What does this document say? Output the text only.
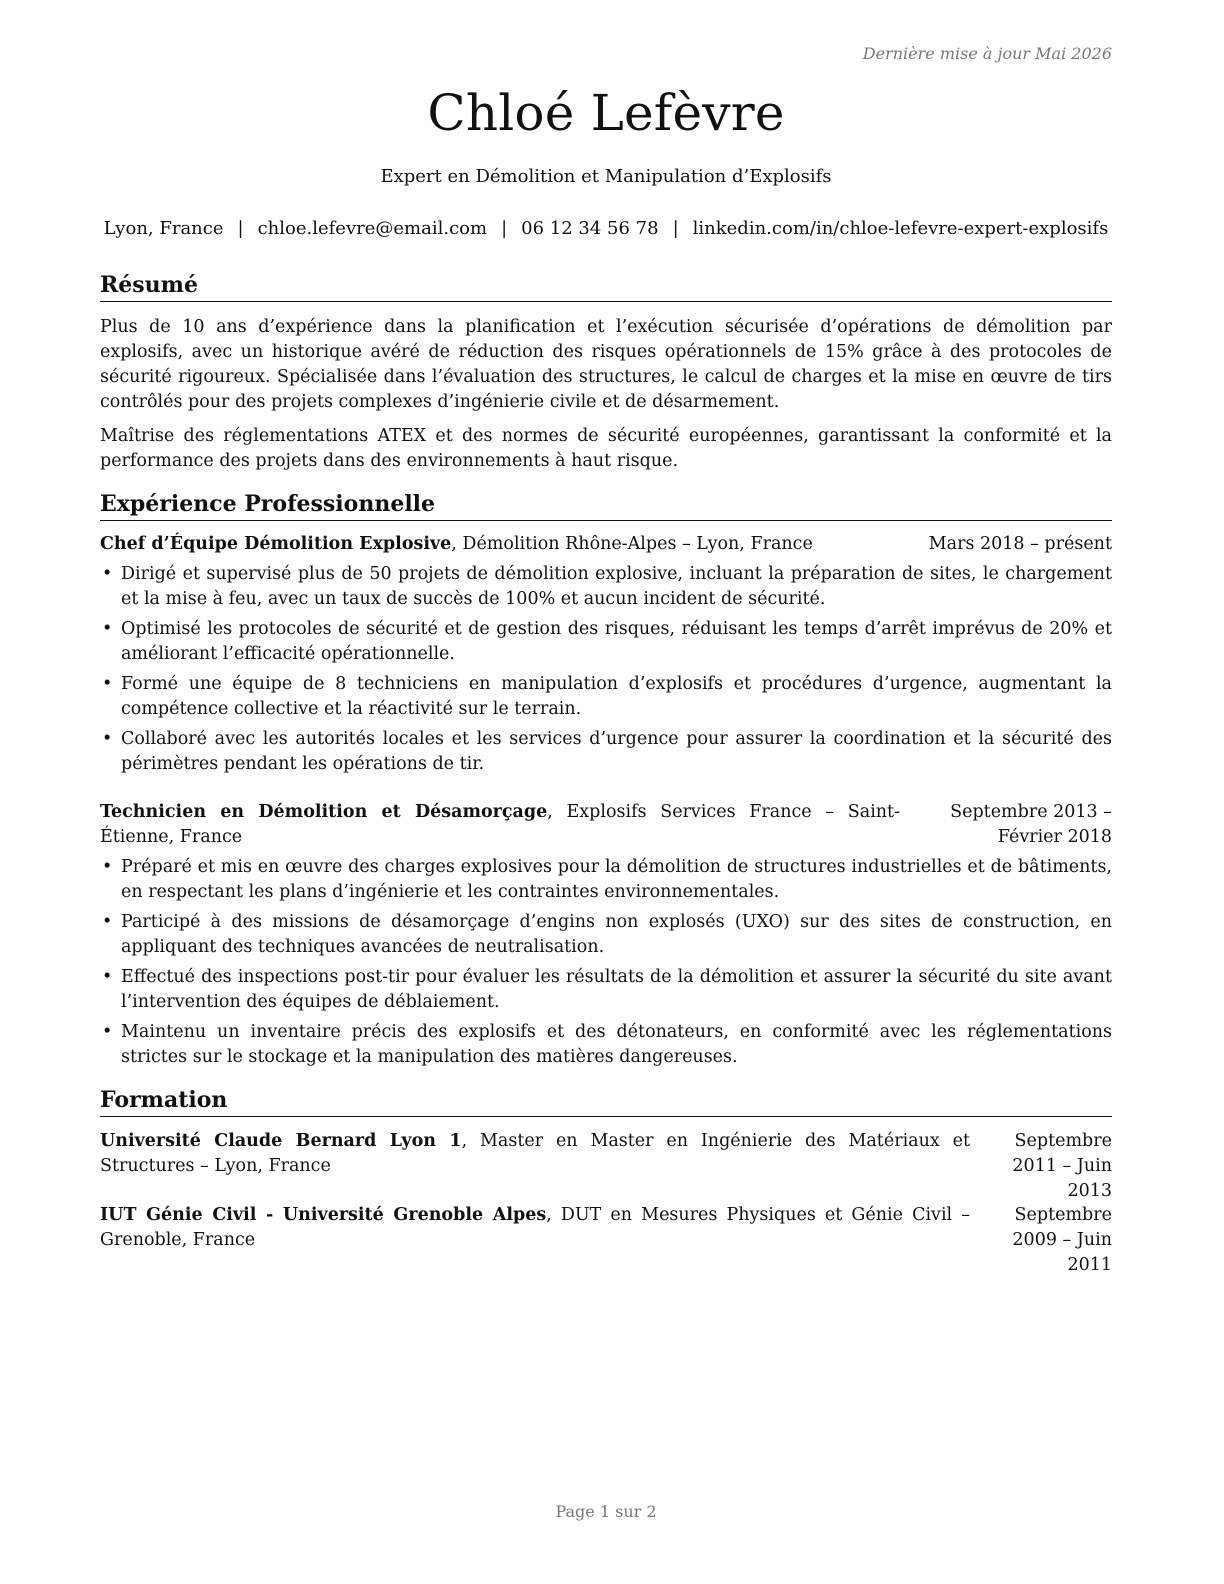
Dernière mise à jour Mai 2026
Chloé Lefèvre
Expert en Démolition et Manipulation d’Explosifs
Lyon, France | chloe.lefevre@email.com | 06 12 34 56 78 | linkedin.com/in/chloe-lefevre-expert-explosifs
Résumé

Plus de 10 ans d’expérience dans la planification et l’exécution sécurisée d’opérations de démolition par explosifs, avec un historique avéré de réduction des risques opérationnels de 15% grâce à des protocoles de sécurité rigoureux. Spécialisée dans l’évaluation des structures, le calcul de charges et la mise en œuvre de tirs contrôlés pour des projets complexes d’ingénierie civile et de désarmement.

Maîtrise des réglementations ATEX et des normes de sécurité européennes, garantissant la conformité et la performance des projets dans des environnements à haut risque.

Expérience Professionnelle
Chef d’Équipe Démolition Explosive, Démolition Rhône-Alpes – Lyon, France	Mars 2018 – présent
• Dirigé et supervisé plus de 50 projets de démolition explosive, incluant la préparation de sites, le chargement et la mise à feu, avec un taux de succès de 100% et aucun incident de sécurité.
• Optimisé les protocoles de sécurité et de gestion des risques, réduisant les temps d’arrêt imprévus de 20% et améliorant l’efficacité opérationnelle.
• Formé une équipe de 8 techniciens en manipulation d’explosifs et procédures d’urgence, augmentant la compétence collective et la réactivité sur le terrain.
• Collaboré avec les autorités locales et les services d’urgence pour assurer la coordination et la sécurité des périmètres pendant les opérations de tir.
Technicien en Démolition et Désamorçage, Explosifs Services France – Saint-Étienne, France
Septembre 2013 – Février 2018
• Préparé et mis en œuvre des charges explosives pour la démolition de structures industrielles et de bâtiments, en respectant les plans d’ingénierie et les contraintes environnementales.
• Participé à des missions de désamorçage d’engins non explosés (UXO) sur des sites de construction, en appliquant des techniques avancées de neutralisation.
• Effectué des inspections post-tir pour évaluer les résultats de la démolition et assurer la sécurité du site avant l’intervention des équipes de déblaiement.
• Maintenu un inventaire précis des explosifs et des détonateurs, en conformité avec les réglementations strictes sur le stockage et la manipulation des matières dangereuses.
Formation
Université Claude Bernard Lyon 1, Master en Master en Ingénierie des Matériaux et Structures – Lyon, France
Septembre 2011 – Juin 2013
IUT Génie Civil - Université Grenoble Alpes, DUT en Mesures Physiques et Génie Civil – Grenoble, France
Septembre 2009 – Juin 2011
Page 1 sur 2
